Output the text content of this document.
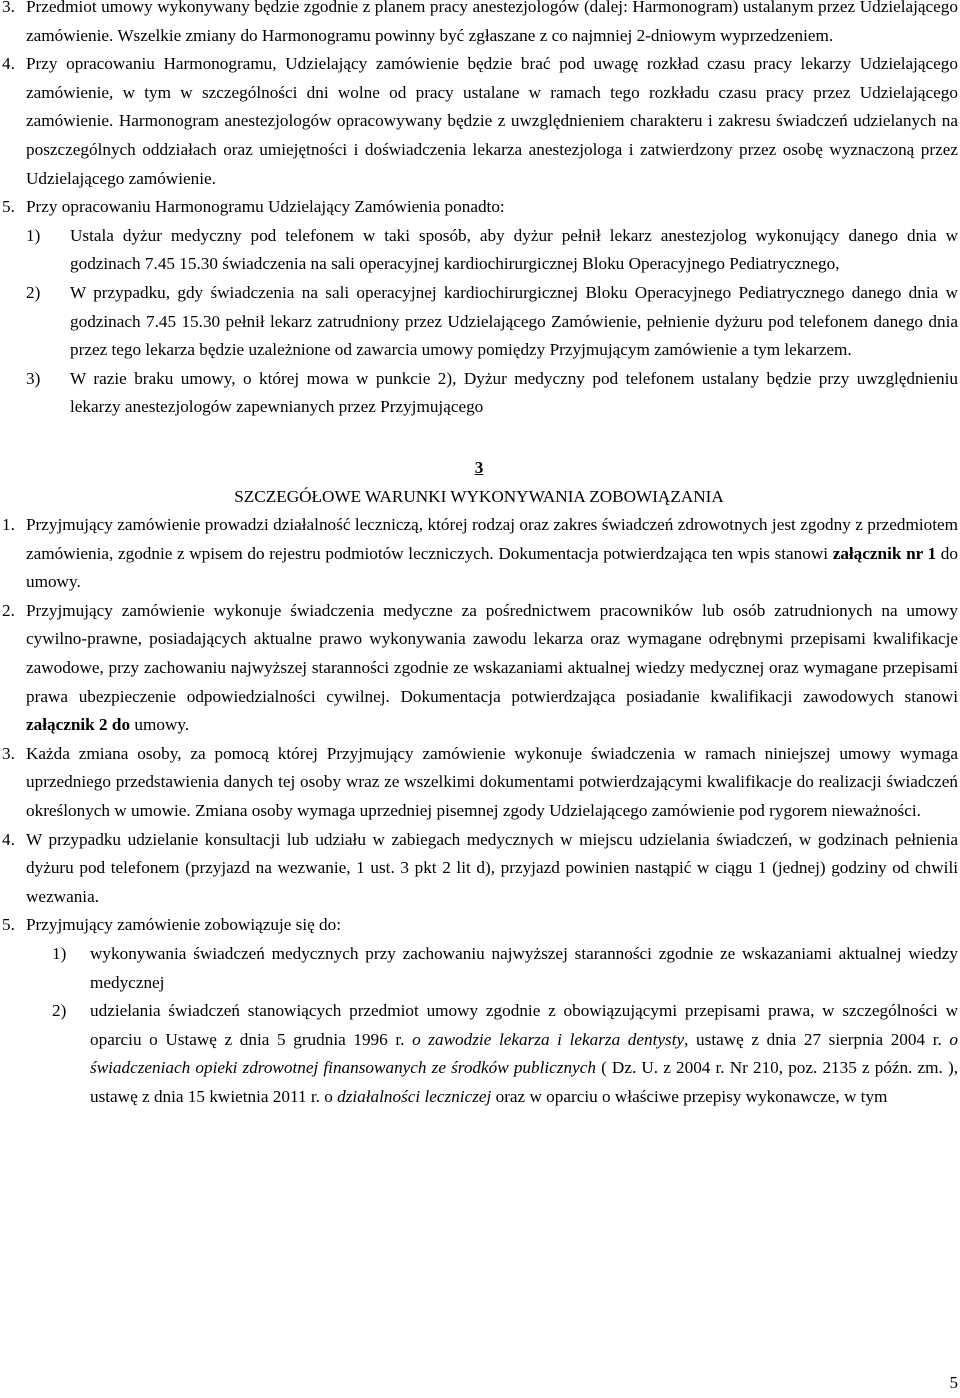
3. Przedmiot umowy wykonywany będzie zgodnie z planem pracy anestezjologów (dalej: Harmonogram) ustalanym przez Udzielającego zamówienie. Wszelkie zmiany do Harmonogramu powinny być zgłaszane z co najmniej 2-dniowym wyprzedzeniem.
4. Przy opracowaniu Harmonogramu, Udzielający zamówienie będzie brać pod uwagę rozkład czasu pracy lekarzy Udzielającego zamówienie, w tym w szczególności dni wolne od pracy ustalane w ramach tego rozkładu czasu pracy przez Udzielającego zamówienie. Harmonogram anestezjologów opracowywany będzie z uwzględnieniem charakteru i zakresu świadczeń udzielanych na poszczególnych oddziałach oraz umiejętności i doświadczenia lekarza anestezjologa i zatwierdzony przez osobę wyznaczoną przez Udzielającego zamówienie.
5. Przy opracowaniu Harmonogramu Udzielający Zamówienia ponadto:
1) Ustala dyżur medyczny pod telefonem w taki sposób, aby dyżur pełnił lekarz anestezjolog wykonujący danego dnia w godzinach 7.45 15.30 świadczenia na sali operacyjnej kardiochirurgicznej Bloku Operacyjnego Pediatrycznego,
2) W przypadku, gdy świadczenia na sali operacyjnej kardiochirurgicznej Bloku Operacyjnego Pediatrycznego danego dnia w godzinach 7.45 15.30 pełnił lekarz zatrudniony przez Udzielającego Zamówienie, pełnienie dyżuru pod telefonem danego dnia przez tego lekarza będzie uzależnione od zawarcia umowy pomiędzy Przyjmującym zamówienie a tym lekarzem.
3) W razie braku umowy, o której mowa w punkcie 2), Dyżur medyczny pod telefonem ustalany będzie przy uwzględnieniu lekarzy anestezjologów zapewnianych przez Przyjmującego
3
SZCZEGÓŁOWE WARUNKI WYKONYWANIA ZOBOWIĄZANIA
1. Przyjmujący zamówienie prowadzi działalność leczniczą, której rodzaj oraz zakres świadczeń zdrowotnych jest zgodny z przedmiotem zamówienia, zgodnie z wpisem do rejestru podmiotów leczniczych. Dokumentacja potwierdzająca ten wpis stanowi załącznik nr 1 do umowy.
2. Przyjmujący zamówienie wykonuje świadczenia medyczne za pośrednictwem pracowników lub osób zatrudnionych na umowy cywilno-prawne, posiadających aktualne prawo wykonywania zawodu lekarza oraz wymagane odrębnymi przepisami kwalifikacje zawodowe, przy zachowaniu najwyższej staranności zgodnie ze wskazaniami aktualnej wiedzy medycznej oraz wymagane przepisami prawa ubezpieczenie odpowiedzialności cywilnej. Dokumentacja potwierdzająca posiadanie kwalifikacji zawodowych stanowi załącznik 2 do umowy.
3. Każda zmiana osoby, za pomocą której Przyjmujący zamówienie wykonuje świadczenia w ramach niniejszej umowy wymaga uprzedniego przedstawienia danych tej osoby wraz ze wszelkimi dokumentami potwierdzającymi kwalifikacje do realizacji świadczeń określonych w umowie. Zmiana osoby wymaga uprzedniej pisemnej zgody Udzielającego zamówienie pod rygorem nieważności.
4. W przypadku udzielanie konsultacji lub udziału w zabiegach medycznych w miejscu udzielania świadczeń, w godzinach pełnienia dyżuru pod telefonem (przyjazd na wezwanie, 1 ust. 3 pkt 2 lit d), przyjazd powinien nastąpić w ciągu 1 (jednej) godziny od chwili wezwania.
5. Przyjmujący zamówienie zobowiązuje się do:
1) wykonywania świadczeń medycznych przy zachowaniu najwyższej staranności zgodnie ze wskazaniami aktualnej wiedzy medycznej
2) udzielania świadczeń stanowiących przedmiot umowy zgodnie z obowiązującymi przepisami prawa, w szczególności w oparciu o Ustawę z dnia 5 grudnia 1996 r. o zawodzie lekarza i lekarza dentysty, ustawę z dnia 27 sierpnia 2004 r. o świadczeniach opieki zdrowotnej finansowanych ze środków publicznych ( Dz. U. z 2004 r. Nr 210, poz. 2135 z późn. zm. ), ustawę z dnia 15 kwietnia 2011 r. o działalności leczniczej oraz w oparciu o właściwe przepisy wykonawcze, w tym
5
